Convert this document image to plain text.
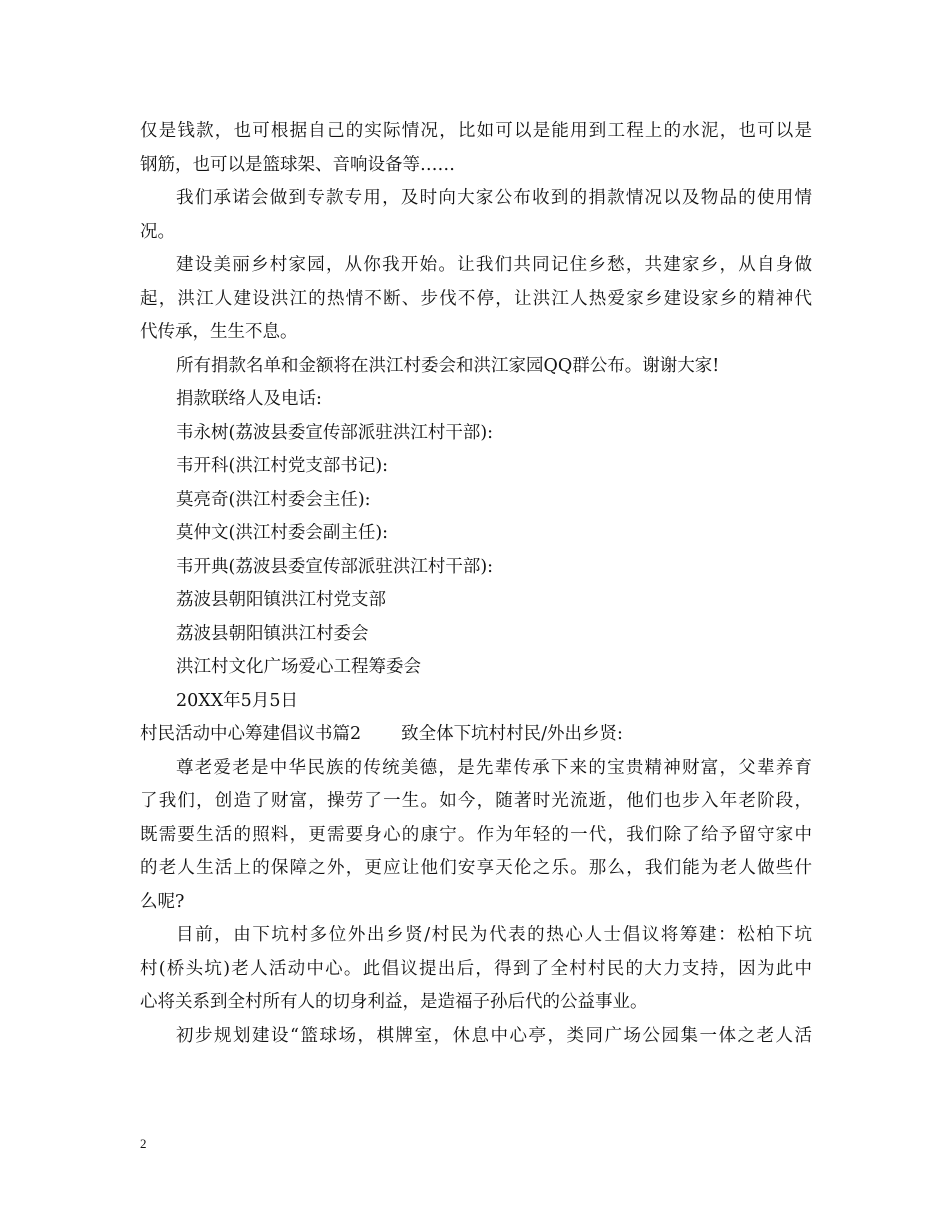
仅是钱款，也可根据自己的实际情况，比如可以是能用到工程上的水泥，也可以是
钢筋，也可以是篮球架、音响设备等……
我们承诺会做到专款专用，及时向大家公布收到的捐款情况以及物品的使用情
况。
建设美丽乡村家园，从你我开始。让我们共同记住乡愁，共建家乡，从自身做
起，洪江人建设洪江的热情不断、步伐不停，让洪江人热爱家乡建设家乡的精神代
代传承，生生不息。
所有捐款名单和金额将在洪江村委会和洪江家园QQ群公布。谢谢大家!
捐款联络人及电话:
韦永树(荔波县委宣传部派驻洪江村干部):
韦开科(洪江村党支部书记):
莫亮奇(洪江村委会主任):
莫仲文(洪江村委会副主任):
韦开典(荔波县委宣传部派驻洪江村干部):
荔波县朝阳镇洪江村党支部
荔波县朝阳镇洪江村委会
洪江村文化广场爱心工程筹委会
20XX年5月5日
村民活动中心筹建倡议书篇2 致全体下坑村村民/外出乡贤:
尊老爱老是中华民族的传统美德，是先辈传承下来的宝贵精神财富，父辈养育
了我们，创造了财富，操劳了一生。如今，随著时光流逝，他们也步入年老阶段，
既需要生活的照料，更需要身心的康宁。作为年轻的一代，我们除了给予留守家中
的老人生活上的保障之外，更应让他们安享天伦之乐。那么，我们能为老人做些什
么呢?
目前，由下坑村多位外出乡贤/村民为代表的热心人士倡议将筹建：松柏下坑
村(桥头坑)老人活动中心。此倡议提出后，得到了全村村民的大力支持，因为此中
心将关系到全村所有人的切身利益，是造福子孙后代的公益事业。
初步规划建设“篮球场，棋牌室，休息中心亭，类同广场公园集一体之老人活
2
